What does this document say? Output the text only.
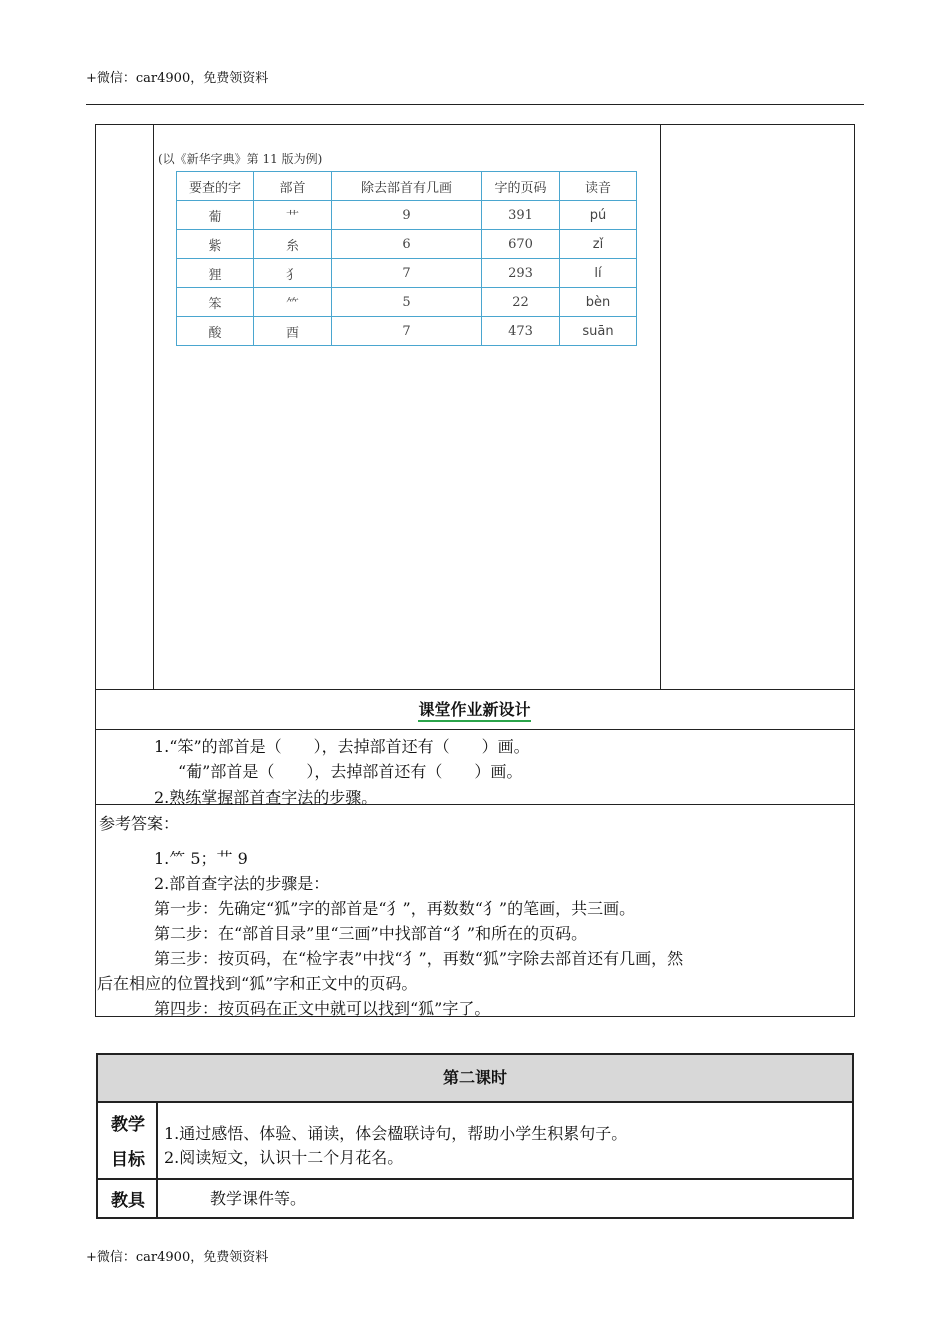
+微信：car4900，免费领资料
(以《新华字典》第 11 版为例)
要查的字	部首	除去部首有几画	字的页码	读音
葡	艹	9	391	pú
紫	糸	6	670	zǐ
狸	犭	7	293	lí
笨	⺮	5	22	bèn
酸	酉	7	473	suān
课堂作业新设计
1.“笨”的部首是（　　），去掉部首还有（　　）画。
“葡”部首是（　　），去掉部首还有（　　）画。
2.熟练掌握部首查字法的步骤。
参考答案：
1.⺮ 5；艹 9
2.部首查字法的步骤是：
第一步：先确定“狐”字的部首是“犭”，再数数“犭”的笔画，共三画。
第二步：在“部首目录”里“三画”中找部首“犭”和所在的页码。
第三步：按页码，在“检字表”中找“犭”，再数“狐”字除去部首还有几画，然
后在相应的位置找到“狐”字和正文中的页码。
第四步：按页码在正文中就可以找到“狐”字了。
第二课时
教学
目标
1.通过感悟、体验、诵读，体会楹联诗句，帮助小学生积累句子。
2.阅读短文，认识十二个月花名。
教具	教学课件等。
+微信：car4900，免费领资料
